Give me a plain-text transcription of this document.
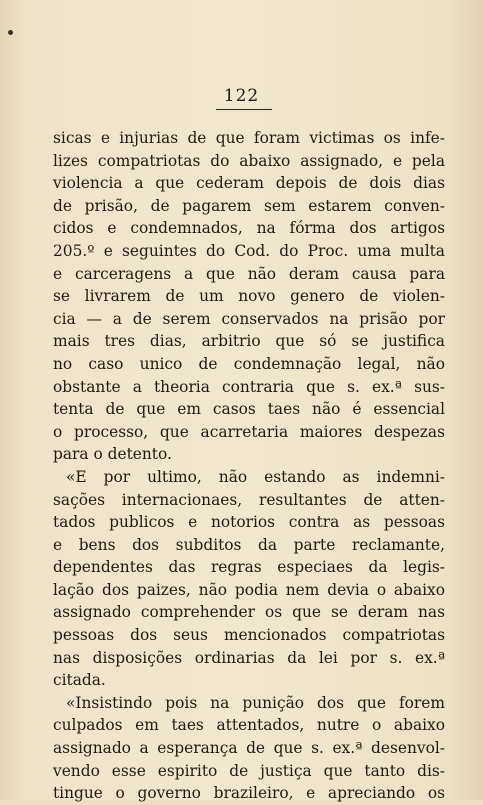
122
sicas e injurias de que foram victimas os infe-
lizes compatriotas do abaixo assignado, e pela
violencia a que cederam depois de dois dias
de prisão, de pagarem sem estarem conven-
cidos e condemnados, na fórma dos artigos
205.º e seguintes do Cod. do Proc. uma multa
e carceragens a que não deram causa para
se livrarem de um novo genero de violen-
cia — a de serem conservados na prisão por
mais tres dias, arbitrio que só se justifica
no caso unico de condemnação legal, não
obstante a theoria contraria que s. ex.ª sus-
tenta de que em casos taes não é essencial
o processo, que acarretaria maiores despezas
para o detento.
«E por ultimo, não estando as indemni-
sações internacionaes, resultantes de atten-
tados publicos e notorios contra as pessoas
e bens dos subditos da parte reclamante,
dependentes das regras especiaes da legis-
lação dos paizes, não podia nem devia o abaixo
assignado comprehender os que se deram nas
pessoas dos seus mencionados compatriotas
nas disposições ordinarias da lei por s. ex.ª
citada.
«Insistindo pois na punição dos que forem
culpados em taes attentados, nutre o abaixo
assignado a esperança de que s. ex.ª desenvol-
vendo esse espirito de justiça que tanto dis-
tingue o governo brazileiro, e apreciando os
